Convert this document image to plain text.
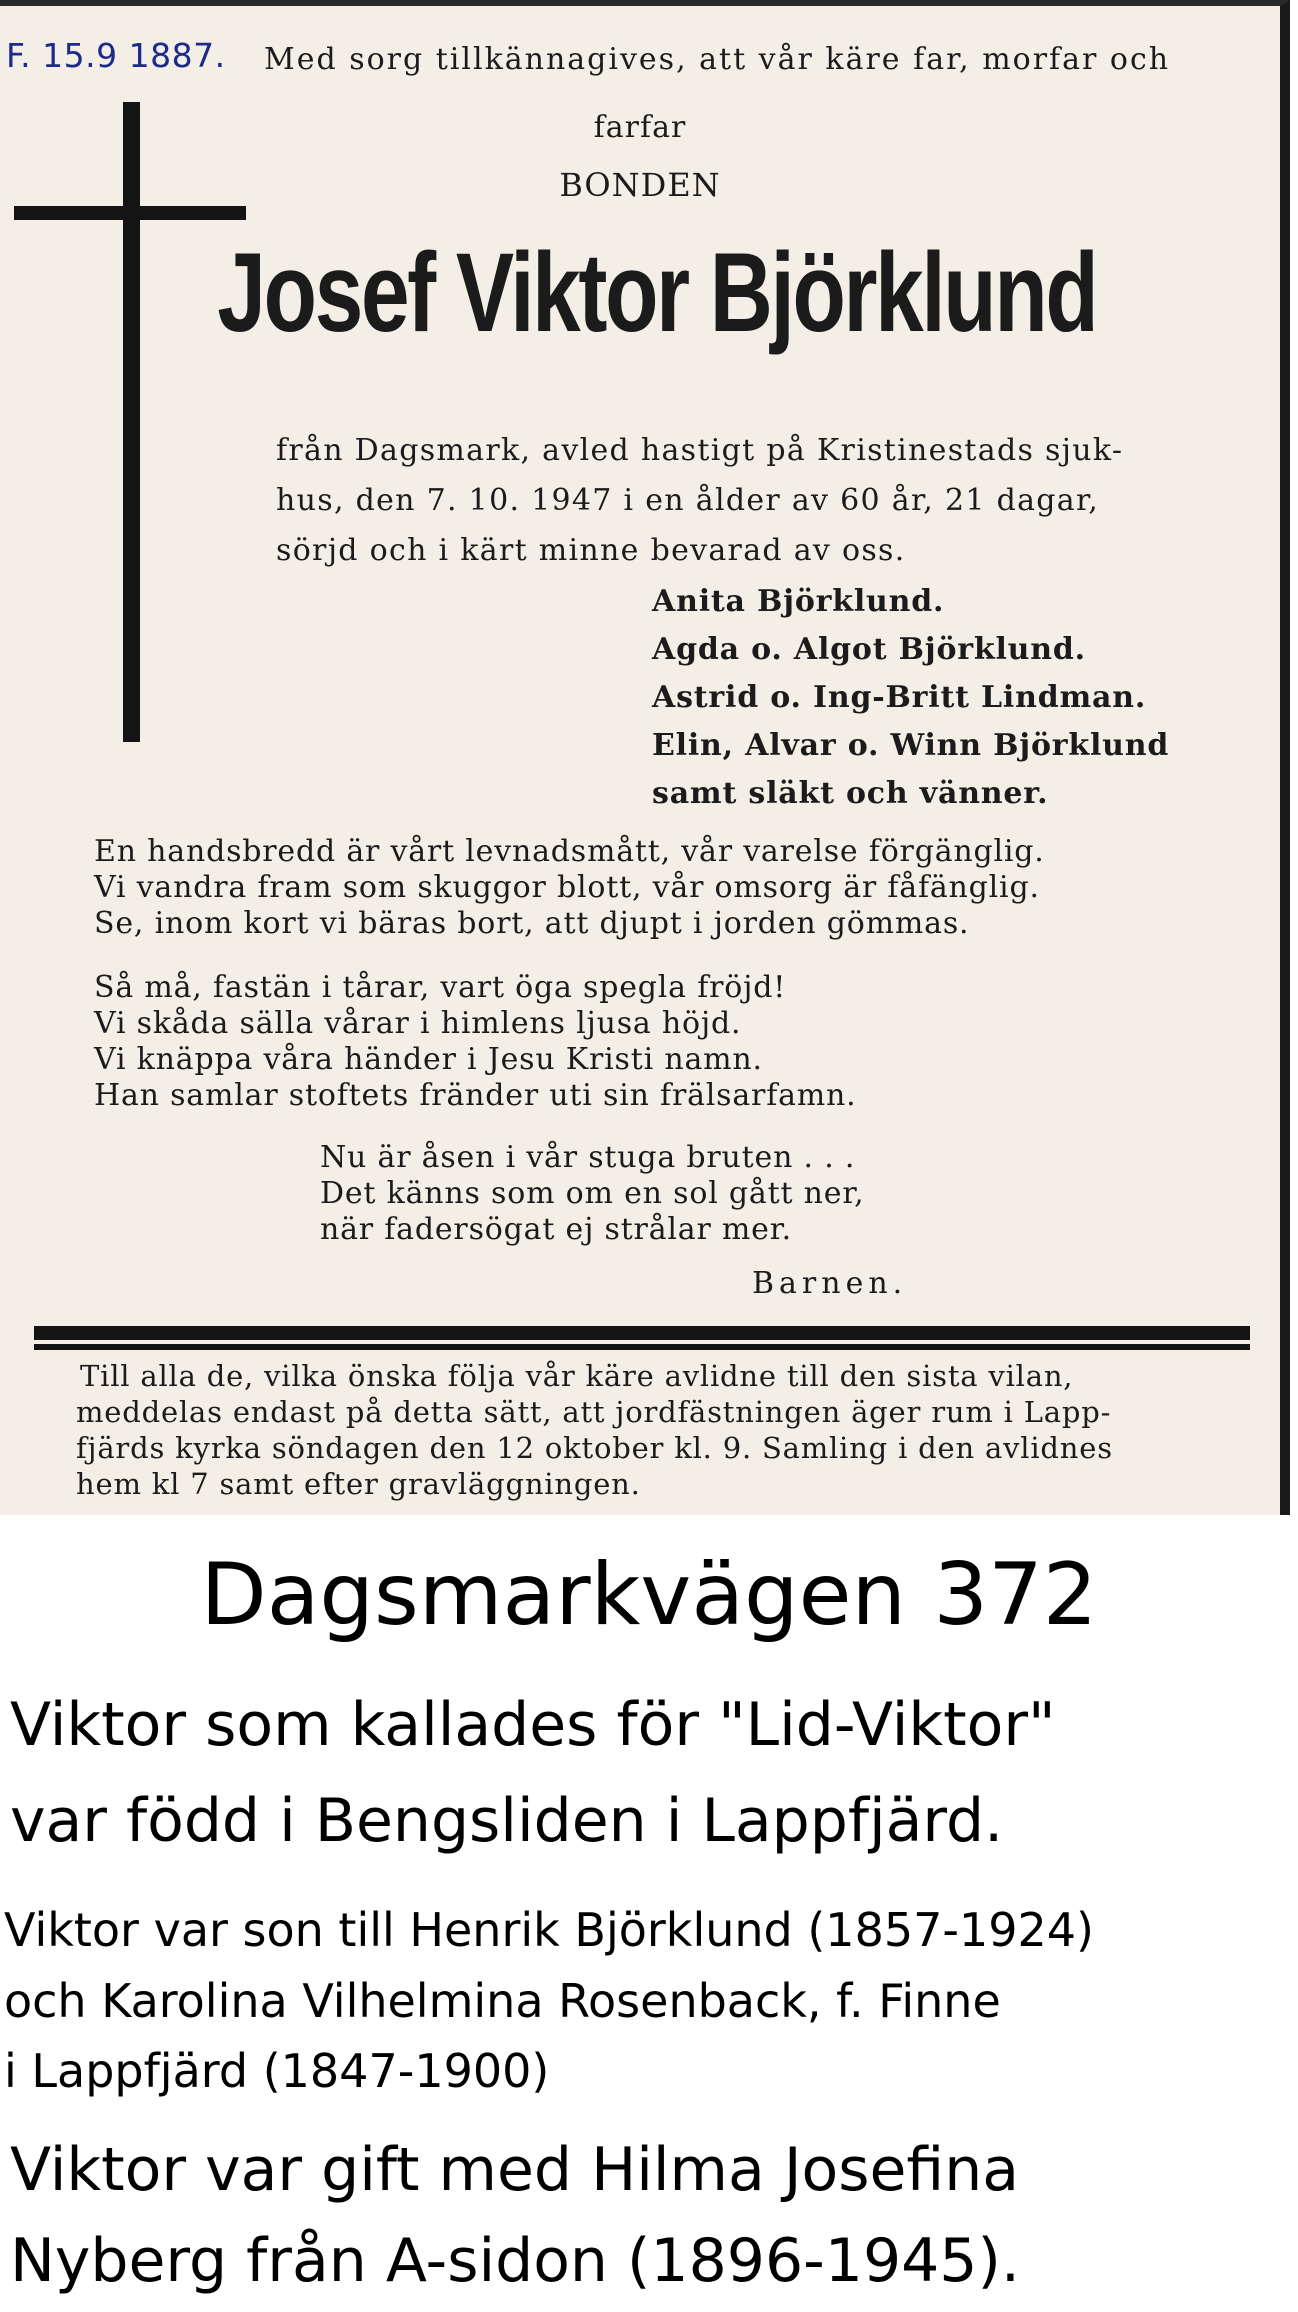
F. 15.9 1887. Med sorg tillkännagives, att vår käre far, morfar och
farfar
BONDEN
Josef Viktor Björklund
från Dagsmark, avled hastigt på Kristinestads sjuk-
hus, den 7. 10. 1947 i en ålder av 60 år, 21 dagar,
sörjd och i kärt minne bevarad av oss.
Anita Björklund.
Agda o. Algot Björklund.
Astrid o. Ing-Britt Lindman.
Elin, Alvar o. Winn Björklund
samt släkt och vänner.
En handsbredd är vårt levnadsmått, vår varelse förgänglig.
Vi vandra fram som skuggor blott, vår omsorg är fåfänglig.
Se, inom kort vi bäras bort, att djupt i jorden gömmas.
Så må, fastän i tårar, vart öga spegla fröjd!
Vi skåda sälla vårar i himlens ljusa höjd.
Vi knäppa våra händer i Jesu Kristi namn.
Han samlar stoftets fränder uti sin frälsarfamn.
Nu är åsen i vår stuga bruten . . .
Det känns som om en sol gått ner,
när fadersögat ej strålar mer.
Barnen.
Till alla de, vilka önska följa vår käre avlidne till den sista vilan,
meddelas endast på detta sätt, att jordfästningen äger rum i Lapp-
fjärds kyrka söndagen den 12 oktober kl. 9. Samling i den avlidnes
hem kl 7 samt efter gravläggningen.
Dagsmarkvägen 372
Viktor som kallades för "Lid-Viktor"
var född i Bengsliden i Lappfjärd.
Viktor var son till Henrik Björklund (1857-1924)
och Karolina Vilhelmina Rosenback, f. Finne
i Lappfjärd (1847-1900)
Viktor var gift med Hilma Josefina
Nyberg från A-sidon (1896-1945).
